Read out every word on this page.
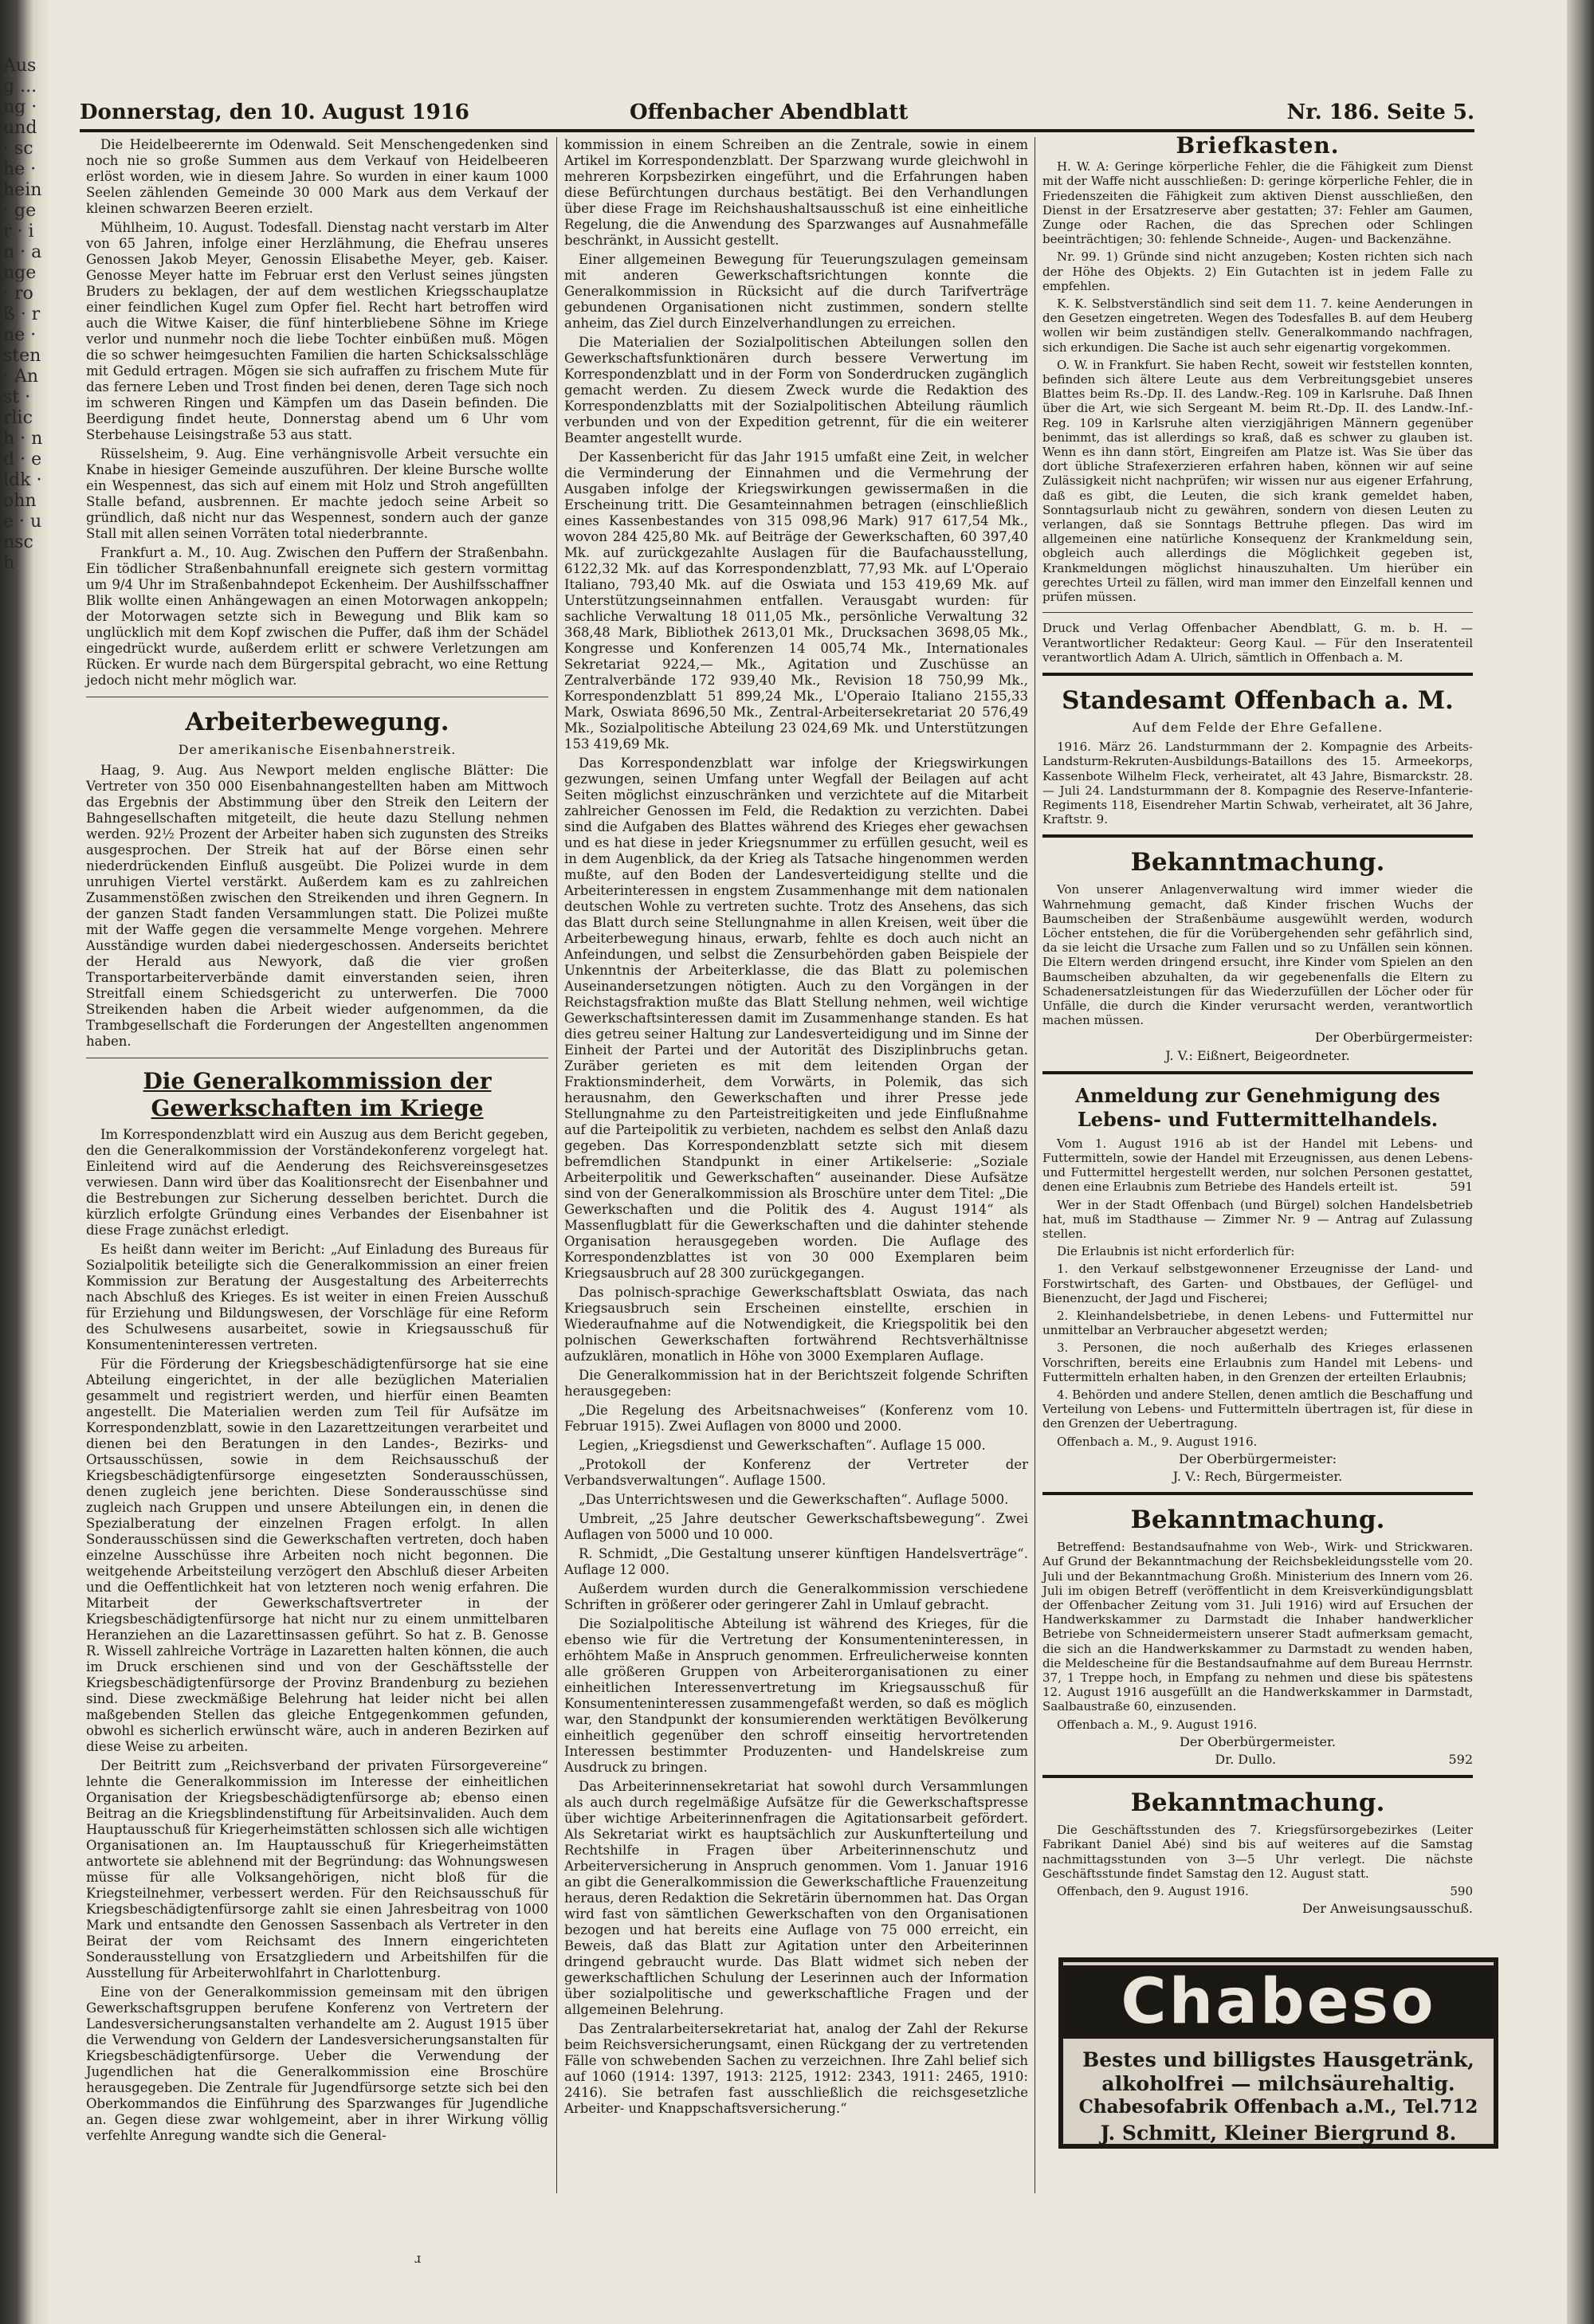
Ausg ... ng · und · sche · hein · ger · in · ange · roß · rne · sten · Anst · rlich · nd · eldk · ohne · unsch
Donnerstag, den 10. August 1916	Offenbacher Abendblatt	Nr. 186. Seite 5.

Die Heidelbeerernte im Odenwald. Seit Menschengedenken sind noch nie so große Summen aus dem Verkauf von Heidelbeeren erlöst worden, wie in diesem Jahre. So wurden in einer kaum 1000 Seelen zählenden Gemeinde 30 000 Mark aus dem Verkauf der kleinen schwarzen Beeren erzielt.

Mühlheim, 10. August. Todesfall. Dienstag nacht verstarb im Alter von 65 Jahren, infolge einer Herzlähmung, die Ehefrau unseres Genossen Jakob Meyer, Genossin Elisabethe Meyer, geb. Kaiser. Genosse Meyer hatte im Februar erst den Verlust seines jüngsten Bruders zu beklagen, der auf dem westlichen Kriegsschauplatze einer feindlichen Kugel zum Opfer fiel. Recht hart betroffen wird auch die Witwe Kaiser, die fünf hinterbliebene Söhne im Kriege verlor und nunmehr noch die liebe Tochter einbüßen muß. Mögen die so schwer heimgesuchten Familien die harten Schicksalsschläge mit Geduld ertragen. Mögen sie sich aufraffen zu frischem Mute für das fernere Leben und Trost finden bei denen, deren Tage sich noch im schweren Ringen und Kämpfen um das Dasein befinden. Die Beerdigung findet heute, Donnerstag abend um 6 Uhr vom Sterbehause Leisingstraße 53 aus statt.

Rüsselsheim, 9. Aug. Eine verhängnisvolle Arbeit versuchte ein Knabe in hiesiger Gemeinde auszuführen. Der kleine Bursche wollte ein Wespennest, das sich auf einem mit Holz und Stroh angefüllten Stalle befand, ausbrennen. Er machte jedoch seine Arbeit so gründlich, daß nicht nur das Wespennest, sondern auch der ganze Stall mit allen seinen Vorräten total niederbrannte.

Frankfurt a. M., 10. Aug. Zwischen den Puffern der Straßenbahn. Ein tödlicher Straßenbahnunfall ereignete sich gestern vormittag um 9/4 Uhr im Straßenbahndepot Eckenheim. Der Aushilfsschaffner Blik wollte einen Anhängewagen an einen Motorwagen ankoppeln; der Motorwagen setzte sich in Bewegung und Blik kam so unglücklich mit dem Kopf zwischen die Puffer, daß ihm der Schädel eingedrückt wurde, außerdem erlitt er schwere Verletzungen am Rücken. Er wurde nach dem Bürgerspital gebracht, wo eine Rettung jedoch nicht mehr möglich war.

Arbeiterbewegung.
Der amerikanische Eisenbahnerstreik.

Haag, 9. Aug. Aus Newport melden englische Blätter: Die Vertreter von 350 000 Eisenbahnangestellten haben am Mittwoch das Ergebnis der Abstimmung über den Streik den Leitern der Bahngesellschaften mitgeteilt, die heute dazu Stellung nehmen werden. 92½ Prozent der Arbeiter haben sich zugunsten des Streiks ausgesprochen. Der Streik hat auf der Börse einen sehr niederdrückenden Einfluß ausgeübt. Die Polizei wurde in dem unruhigen Viertel verstärkt. Außerdem kam es zu zahlreichen Zusammenstößen zwischen den Streikenden und ihren Gegnern. In der ganzen Stadt fanden Versammlungen statt. Die Polizei mußte mit der Waffe gegen die versammelte Menge vorgehen. Mehrere Ausständige wurden dabei niedergeschossen. Anderseits berichtet der Herald aus Newyork, daß die vier großen Transportarbeiterverbände damit einverstanden seien, ihren Streitfall einem Schiedsgericht zu unterwerfen. Die 7000 Streikenden haben die Arbeit wieder aufgenommen, da die Trambgesellschaft die Forderungen der Angestellten angenommen haben.

Die Generalkommission der Gewerkschaften im Kriege

Im Korrespondenzblatt wird ein Auszug aus dem Bericht gegeben, den die Generalkommission der Vorständekonferenz vorgelegt hat. Einleitend wird auf die Aenderung des Reichsvereinsgesetzes verwiesen. Dann wird über das Koalitionsrecht der Eisenbahner und die Bestrebungen zur Sicherung desselben berichtet. Durch die kürzlich erfolgte Gründung eines Verbandes der Eisenbahner ist diese Frage zunächst erledigt.

Es heißt dann weiter im Bericht: „Auf Einladung des Bureaus für Sozialpolitik beteiligte sich die Generalkommission an einer freien Kommission zur Beratung der Ausgestaltung des Arbeiterrechts nach Abschluß des Krieges. Es ist weiter in einen Freien Ausschuß für Erziehung und Bildungswesen, der Vorschläge für eine Reform des Schulwesens ausarbeitet, sowie in Kriegsausschuß für Konsumenteninteressen vertreten.

Für die Förderung der Kriegsbeschädigtenfürsorge hat sie eine Abteilung eingerichtet, in der alle bezüglichen Materialien gesammelt und registriert werden, und hierfür einen Beamten angestellt. Die Materialien werden zum Teil für Aufsätze im Korrespondenzblatt, sowie in den Lazarettzeitungen verarbeitet und dienen bei den Beratungen in den Landes-, Bezirks- und Ortsausschüssen, sowie in dem Reichsausschuß der Kriegsbeschädigtenfürsorge eingesetzten Sonderausschüssen, denen zugleich jene berichten. Diese Sonderausschüsse sind zugleich nach Gruppen und unsere Abteilungen ein, in denen die Spezialberatung der einzelnen Fragen erfolgt. In allen Sonderausschüssen sind die Gewerkschaften vertreten, doch haben einzelne Ausschüsse ihre Arbeiten noch nicht begonnen. Die weitgehende Arbeitsteilung verzögert den Abschluß dieser Arbeiten und die Oeffentlichkeit hat von letzteren noch wenig erfahren. Die Mitarbeit der Gewerkschaftsvertreter in der Kriegsbeschädigtenfürsorge hat nicht nur zu einem unmittelbaren Heranziehen an die Lazarettinsassen geführt. So hat z. B. Genosse R. Wissell zahlreiche Vorträge in Lazaretten halten können, die auch im Druck erschienen sind und von der Geschäftsstelle der Kriegsbeschädigtenfürsorge der Provinz Brandenburg zu beziehen sind. Diese zweckmäßige Belehrung hat leider nicht bei allen maßgebenden Stellen das gleiche Entgegenkommen gefunden, obwohl es sicherlich erwünscht wäre, auch in anderen Bezirken auf diese Weise zu arbeiten.

Der Beitritt zum „Reichsverband der privaten Fürsorgevereine“ lehnte die Generalkommission im Interesse der einheitlichen Organisation der Kriegsbeschädigtenfürsorge ab; ebenso einen Beitrag an die Kriegsblindenstiftung für Arbeitsinvaliden. Auch dem Hauptausschuß für Kriegerheimstätten schlossen sich alle wichtigen Organisationen an. Im Hauptausschuß für Kriegerheimstätten antwortete sie ablehnend mit der Begründung: das Wohnungswesen müsse für alle Volksangehörigen, nicht bloß für die Kriegsteilnehmer, verbessert werden. Für den Reichsausschuß für Kriegsbeschädigtenfürsorge zahlt sie einen Jahresbeitrag von 1000 Mark und entsandte den Genossen Sassenbach als Vertreter in den Beirat der vom Reichsamt des Innern eingerichteten Sonderausstellung von Ersatzgliedern und Arbeitshilfen für die Ausstellung für Arbeiterwohlfahrt in Charlottenburg.

Eine von der Generalkommission gemeinsam mit den übrigen Gewerkschaftsgruppen berufene Konferenz von Vertretern der Landesversicherungsanstalten verhandelte am 2. August 1915 über die Verwendung von Geldern der Landesversicherungsanstalten für Kriegsbeschädigtenfürsorge. Ueber die Verwendung der Jugendlichen hat die Generalkommission eine Broschüre herausgegeben. Die Zentrale für Jugendfürsorge setzte sich bei den Oberkommandos die Einführung des Sparzwanges für Jugendliche an. Gegen diese zwar wohlgemeint, aber in ihrer Wirkung völlig verfehlte Anregung wandte sich die General-

kommission in einem Schreiben an die Zentrale, sowie in einem Artikel im Korrespondenzblatt. Der Sparzwang wurde gleichwohl in mehreren Korpsbezirken eingeführt, und die Erfahrungen haben diese Befürchtungen durchaus bestätigt. Bei den Verhandlungen über diese Frage im Reichshaushaltsausschuß ist eine einheitliche Regelung, die die Anwendung des Sparzwanges auf Ausnahmefälle beschränkt, in Aussicht gestellt.

Einer allgemeinen Bewegung für Teuerungszulagen gemeinsam mit anderen Gewerkschaftsrichtungen konnte die Generalkommission in Rücksicht auf die durch Tarifverträge gebundenen Organisationen nicht zustimmen, sondern stellte anheim, das Ziel durch Einzelverhandlungen zu erreichen.

Die Materialien der Sozialpolitischen Abteilungen sollen den Gewerkschaftsfunktionären durch bessere Verwertung im Korrespondenzblatt und in der Form von Sonderdrucken zugänglich gemacht werden. Zu diesem Zweck wurde die Redaktion des Korrespondenzblatts mit der Sozialpolitischen Abteilung räumlich verbunden und von der Expedition getrennt, für die ein weiterer Beamter angestellt wurde.

Der Kassenbericht für das Jahr 1915 umfaßt eine Zeit, in welcher die Verminderung der Einnahmen und die Vermehrung der Ausgaben infolge der Kriegswirkungen gewissermaßen in die Erscheinung tritt. Die Gesamteinnahmen betragen (einschließlich eines Kassenbestandes von 315 098,96 Mark) 917 617,54 Mk., wovon 284 425,80 Mk. auf Beiträge der Gewerkschaften, 60 397,40 Mk. auf zurückgezahlte Auslagen für die Baufachausstellung, 6122,32 Mk. auf das Korrespondenzblatt, 77,93 Mk. auf L'Operaio Italiano, 793,40 Mk. auf die Oswiata und 153 419,69 Mk. auf Unterstützungseinnahmen entfallen. Verausgabt wurden: für sachliche Verwaltung 18 011,05 Mk., persönliche Verwaltung 32 368,48 Mark, Bibliothek 2613,01 Mk., Drucksachen 3698,05 Mk., Kongresse und Konferenzen 14 005,74 Mk., Internationales Sekretariat 9224,— Mk., Agitation und Zuschüsse an Zentralverbände 172 939,40 Mk., Revision 18 750,99 Mk., Korrespondenzblatt 51 899,24 Mk., L'Operaio Italiano 2155,33 Mark, Oswiata 8696,50 Mk., Zentral-Arbeitersekretariat 20 576,49 Mk., Sozialpolitische Abteilung 23 024,69 Mk. und Unterstützungen 153 419,69 Mk.

Das Korrespondenzblatt war infolge der Kriegswirkungen gezwungen, seinen Umfang unter Wegfall der Beilagen auf acht Seiten möglichst einzuschränken und verzichtete auf die Mitarbeit zahlreicher Genossen im Feld, die Redaktion zu verzichten. Dabei sind die Aufgaben des Blattes während des Krieges eher gewachsen und es hat diese in jeder Kriegsnummer zu erfüllen gesucht, weil es in dem Augenblick, da der Krieg als Tatsache hingenommen werden mußte, auf den Boden der Landesverteidigung stellte und die Arbeiterinteressen in engstem Zusammenhange mit dem nationalen deutschen Wohle zu vertreten suchte. Trotz des Ansehens, das sich das Blatt durch seine Stellungnahme in allen Kreisen, weit über die Arbeiterbewegung hinaus, erwarb, fehlte es doch auch nicht an Anfeindungen, und selbst die Zensurbehörden gaben Beispiele der Unkenntnis der Arbeiterklasse, die das Blatt zu polemischen Auseinandersetzungen nötigten. Auch zu den Vorgängen in der Reichstagsfraktion mußte das Blatt Stellung nehmen, weil wichtige Gewerkschaftsinteressen damit im Zusammenhange standen. Es hat dies getreu seiner Haltung zur Landesverteidigung und im Sinne der Einheit der Partei und der Autorität des Disziplinbruchs getan. Zuräber gerieten es mit dem leitenden Organ der Fraktionsminderheit, dem Vorwärts, in Polemik, das sich herausnahm, den Gewerkschaften und ihrer Presse jede Stellungnahme zu den Parteistreitigkeiten und jede Einflußnahme auf die Parteipolitik zu verbieten, nachdem es selbst den Anlaß dazu gegeben. Das Korrespondenzblatt setzte sich mit diesem befremdlichen Standpunkt in einer Artikelserie: „Soziale Arbeiterpolitik und Gewerkschaften“ auseinander. Diese Aufsätze sind von der Generalkommission als Broschüre unter dem Titel: „Die Gewerkschaften und die Politik des 4. August 1914“ als Massenflugblatt für die Gewerkschaften und die dahinter stehende Organisation herausgegeben worden. Die Auflage des Korrespondenzblattes ist von 30 000 Exemplaren beim Kriegsausbruch auf 28 300 zurückgegangen.

Das polnisch-sprachige Gewerkschaftsblatt Oswiata, das nach Kriegsausbruch sein Erscheinen einstellte, erschien in Wiederaufnahme auf die Notwendigkeit, die Kriegspolitik bei den polnischen Gewerkschaften fortwährend Rechtsverhältnisse aufzuklären, monatlich in Höhe von 3000 Exemplaren Auflage.

Die Generalkommission hat in der Berichtszeit folgende Schriften herausgegeben:

„Die Regelung des Arbeitsnachweises“ (Konferenz vom 10. Februar 1915). Zwei Auflagen von 8000 und 2000.

Legien, „Kriegsdienst und Gewerkschaften“. Auflage 15 000.

„Protokoll der Konferenz der Vertreter der Verbandsverwaltungen“. Auflage 1500.

„Das Unterrichtswesen und die Gewerkschaften“. Auflage 5000.

Umbreit, „25 Jahre deutscher Gewerkschaftsbewegung“. Zwei Auflagen von 5000 und 10 000.

R. Schmidt, „Die Gestaltung unserer künftigen Handelsverträge“. Auflage 12 000.

Außerdem wurden durch die Generalkommission verschiedene Schriften in größerer oder geringerer Zahl in Umlauf gebracht.

Die Sozialpolitische Abteilung ist während des Krieges, für die ebenso wie für die Vertretung der Konsumenteninteressen, in erhöhtem Maße in Anspruch genommen. Erfreulicherweise konnten alle größeren Gruppen von Arbeiterorganisationen zu einer einheitlichen Interessenvertretung im Kriegsausschuß für Konsumenteninteressen zusammengefaßt werden, so daß es möglich war, den Standpunkt der konsumierenden werktätigen Bevölkerung einheitlich gegenüber den schroff einseitig hervortretenden Interessen bestimmter Produzenten- und Handelskreise zum Ausdruck zu bringen.

Das Arbeiterinnensekretariat hat sowohl durch Versammlungen als auch durch regelmäßige Aufsätze für die Gewerkschaftspresse über wichtige Arbeiterinnenfragen die Agitationsarbeit gefördert. Als Sekretariat wirkt es hauptsächlich zur Auskunfterteilung und Rechtshilfe in Fragen über Arbeiterinnenschutz und Arbeiterversicherung in Anspruch genommen. Vom 1. Januar 1916 an gibt die Generalkommission die Gewerkschaftliche Frauenzeitung heraus, deren Redaktion die Sekretärin übernommen hat. Das Organ wird fast von sämtlichen Gewerkschaften von den Organisationen bezogen und hat bereits eine Auflage von 75 000 erreicht, ein Beweis, daß das Blatt zur Agitation unter den Arbeiterinnen dringend gebraucht wurde. Das Blatt widmet sich neben der gewerkschaftlichen Schulung der Leserinnen auch der Information über sozialpolitische und gewerkschaftliche Fragen und der allgemeinen Belehrung.

Das Zentralarbeitersekretariat hat, analog der Zahl der Rekurse beim Reichsversicherungsamt, einen Rückgang der zu vertretenden Fälle von schwebenden Sachen zu verzeichnen. Ihre Zahl belief sich auf 1060 (1914: 1397, 1913: 2125, 1912: 2343, 1911: 2465, 1910: 2416). Sie betrafen fast ausschließlich die reichsgesetzliche Arbeiter- und Knappschaftsversicherung.“

Briefkasten.

H. W. A: Geringe körperliche Fehler, die die Fähigkeit zum Dienst mit der Waffe nicht ausschließen: D: geringe körperliche Fehler, die in Friedenszeiten die Fähigkeit zum aktiven Dienst ausschließen, den Dienst in der Ersatzreserve aber gestatten; 37: Fehler am Gaumen, Zunge oder Rachen, die das Sprechen oder Schlingen beeinträchtigen; 30: fehlende Schneide-, Augen- und Backenzähne.

Nr. 99. 1) Gründe sind nicht anzugeben; Kosten richten sich nach der Höhe des Objekts. 2) Ein Gutachten ist in jedem Falle zu empfehlen.

K. K. Selbstverständlich sind seit dem 11. 7. keine Aenderungen in den Gesetzen eingetreten. Wegen des Todesfalles B. auf dem Heuberg wollen wir beim zuständigen stellv. Generalkommando nachfragen, sich erkundigen. Die Sache ist auch sehr eigenartig vorgekommen.

O. W. in Frankfurt. Sie haben Recht, soweit wir feststellen konnten, befinden sich ältere Leute aus dem Verbreitungsgebiet unseres Blattes beim Rs.-Dp. II. des Landw.-Reg. 109 in Karlsruhe. Daß Ihnen über die Art, wie sich Sergeant M. beim Rt.-Dp. II. des Landw.-Inf.-Reg. 109 in Karlsruhe alten vierzigjährigen Männern gegenüber benimmt, das ist allerdings so kraß, daß es schwer zu glauben ist. Wenn es ihn dann stört, Eingreifen am Platze ist. Was Sie über das dort übliche Strafexerzieren erfahren haben, können wir auf seine Zulässigkeit nicht nachprüfen; wir wissen nur aus eigener Erfahrung, daß es gibt, die Leuten, die sich krank gemeldet haben, Sonntagsurlaub nicht zu gewähren, sondern von diesen Leuten zu verlangen, daß sie Sonntags Bettruhe pflegen. Das wird im allgemeinen eine natürliche Konsequenz der Krankmeldung sein, obgleich auch allerdings die Möglichkeit gegeben ist, Krankmeldungen möglichst hinauszuhalten. Um hierüber ein gerechtes Urteil zu fällen, wird man immer den Einzelfall kennen und prüfen müssen.

Druck und Verlag Offenbacher Abendblatt, G. m. b. H. — Verantwortlicher Redakteur: Georg Kaul. — Für den Inseratenteil verantwortlich Adam A. Ulrich, sämtlich in Offenbach a. M.

Standesamt Offenbach a. M.
Auf dem Felde der Ehre Gefallene.

1916. März 26. Landsturmmann der 2. Kompagnie des Arbeits-Landsturm-Rekruten-Ausbildungs-Bataillons des 15. Armeekorps, Kassenbote Wilhelm Fleck, verheiratet, alt 43 Jahre, Bismarckstr. 28. — Juli 24. Landsturmmann der 8. Kompagnie des Reserve-Infanterie-Regiments 118, Eisendreher Martin Schwab, verheiratet, alt 36 Jahre, Kraftstr. 9.

Bekanntmachung.

Von unserer Anlagenverwaltung wird immer wieder die Wahrnehmung gemacht, daß Kinder frischen Wuchs der Baumscheiben der Straßenbäume ausgewühlt werden, wodurch Löcher entstehen, die für die Vorübergehenden sehr gefährlich sind, da sie leicht die Ursache zum Fallen und so zu Unfällen sein können. Die Eltern werden dringend ersucht, ihre Kinder vom Spielen an den Baumscheiben abzuhalten, da wir gegebenenfalls die Eltern zu Schadenersatzleistungen für das Wiederzufüllen der Löcher oder für Unfälle, die durch die Kinder verursacht werden, verantwortlich machen müssen.

Der Oberbürgermeister:

J. V.: Eißnert, Beigeordneter.

Anmeldung zur Genehmigung des Lebens- und Futtermittelhandels.

Vom 1. August 1916 ab ist der Handel mit Lebens- und Futtermitteln, sowie der Handel mit Erzeugnissen, aus denen Lebens- und Futtermittel hergestellt werden, nur solchen Personen gestattet, denen eine Erlaubnis zum Betriebe des Handels erteilt ist.	591

Wer in der Stadt Offenbach (und Bürgel) solchen Handelsbetrieb hat, muß im Stadthause — Zimmer Nr. 9 — Antrag auf Zulassung stellen.

Die Erlaubnis ist nicht erforderlich für:

1. den Verkauf selbstgewonnener Erzeugnisse der Land- und Forstwirtschaft, des Garten- und Obstbaues, der Geflügel- und Bienenzucht, der Jagd und Fischerei;

2. Kleinhandelsbetriebe, in denen Lebens- und Futtermittel nur unmittelbar an Verbraucher abgesetzt werden;

3. Personen, die noch außerhalb des Krieges erlassenen Vorschriften, bereits eine Erlaubnis zum Handel mit Lebens- und Futtermitteln erhalten haben, in den Grenzen der erteilten Erlaubnis;

4. Behörden und andere Stellen, denen amtlich die Beschaffung und Verteilung von Lebens- und Futtermitteln übertragen ist, für diese in den Grenzen der Uebertragung.

Offenbach a. M., 9. August 1916.

Der Oberbürgermeister:

J. V.: Rech, Bürgermeister.

Bekanntmachung.

Betreffend: Bestandsaufnahme von Web-, Wirk- und Strickwaren. Auf Grund der Bekanntmachung der Reichsbekleidungsstelle vom 20. Juli und der Bekanntmachung Großh. Ministerium des Innern vom 26. Juli im obigen Betreff (veröffentlicht in dem Kreisverkündigungsblatt der Offenbacher Zeitung vom 31. Juli 1916) wird auf Ersuchen der Handwerkskammer zu Darmstadt die Inhaber handwerklicher Betriebe von Schneidermeistern unserer Stadt aufmerksam gemacht, die sich an die Handwerkskammer zu Darmstadt zu wenden haben, die Meldescheine für die Bestandsaufnahme auf dem Bureau Herrnstr. 37, 1 Treppe hoch, in Empfang zu nehmen und diese bis spätestens 12. August 1916 ausgefüllt an die Handwerkskammer in Darmstadt, Saalbaustraße 60, einzusenden.

Offenbach a. M., 9. August 1916.

Der Oberbürgermeister.

Dr. Dullo.	592

Bekanntmachung.

Die Geschäftsstunden des 7. Kriegsfürsorgebezirkes (Leiter Fabrikant Daniel Abé) sind bis auf weiteres auf die Samstag nachmittagsstunden von 3—5 Uhr verlegt. Die nächste Geschäftsstunde findet Samstag den 12. August statt.

Offenbach, den 9. August 1916.	590

Der Anweisungsausschuß.

Chabeso
Bestes und billigstes Hausgetränk,
alkoholfrei — milchsäurehaltig.
Chabesofabrik Offenbach a.M., Tel.712
J. Schmitt, Kleiner Biergrund 8.
ɹ
